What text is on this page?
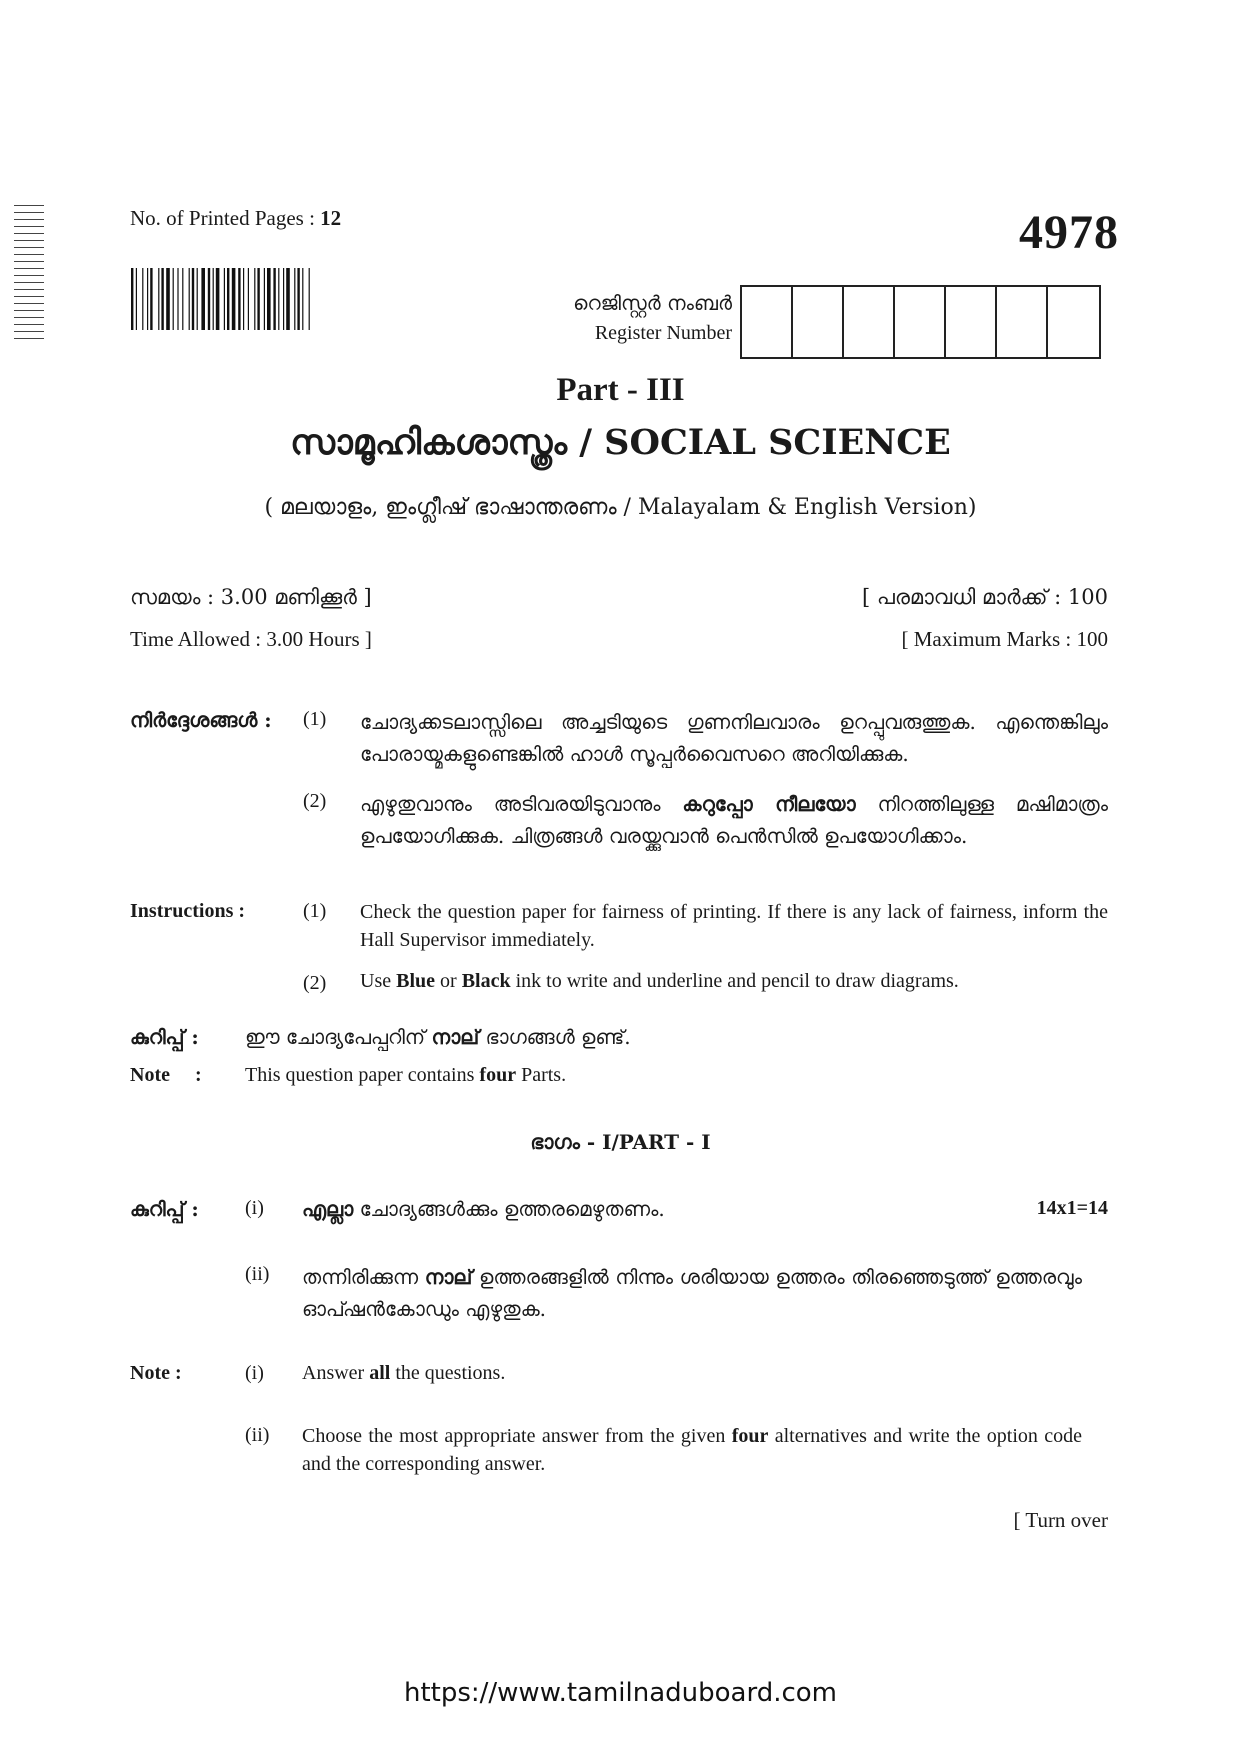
No. of Printed Pages : 12	4978
റെജിസ്റ്റർ നംബർ
Register Number
Part - III
സാമൂഹികശാസ്ത്രം / SOCIAL SCIENCE
( മലയാളം, ഇംഗ്ലീഷ് ഭാഷാന്തരണം / Malayalam & English Version)
സമയം : 3.00 മണിക്കൂർ ]
Time Allowed : 3.00 Hours ]
[ പരമാവധി മാർക്ക് : 100
[ Maximum Marks : 100
നിർദ്ദേശങ്ങൾ : (1) ചോദ്യക്കടലാസ്സിലെ അച്ചടിയുടെ ഗുണനിലവാരം ഉറപ്പുവരുത്തുക. എന്തെങ്കിലും പോരായ്മകളുണ്ടെങ്കിൽ ഹാൾ സൂപ്പർവൈസറെ അറിയിക്കുക.
(2) എഴുതുവാനും അടിവരയിടുവാനും കറുപ്പോ നീലയോ നിറത്തിലുള്ള മഷിമാത്രം ഉപയോഗിക്കുക. ചിത്രങ്ങൾ വരയ്ക്കുവാൻ പെൻസിൽ ഉപയോഗിക്കാം.
Instructions :	(1) Check the question paper for fairness of printing. If there is any lack of fairness, inform the Hall Supervisor immediately.
(2) Use Blue or Black ink to write and underline and pencil to draw diagrams.
കുറിപ്പ് : ഈ ചോദ്യപേപ്പറിന് നാല് ഭാഗങ്ങൾ ഉണ്ട്.
Note     : This question paper contains four Parts.
ഭാഗം - I/PART - I
കുറിപ്പ് : (i) എല്ലാ ചോദ്യങ്ങൾക്കും ഉത്തരമെഴുതണം.	14x1=14
(ii) തന്നിരിക്കുന്ന നാല് ഉത്തരങ്ങളിൽ നിന്നും ശരിയായ ഉത്തരം തിരഞ്ഞെടുത്ത് ഉത്തരവും ഓപ്ഷൻകോഡും എഴുതുക.
Note :	(i) Answer all the questions.
(ii) Choose the most appropriate answer from the given four alternatives and write the option code and the corresponding answer.
[ Turn over
https://www.tamilnaduboard.com
